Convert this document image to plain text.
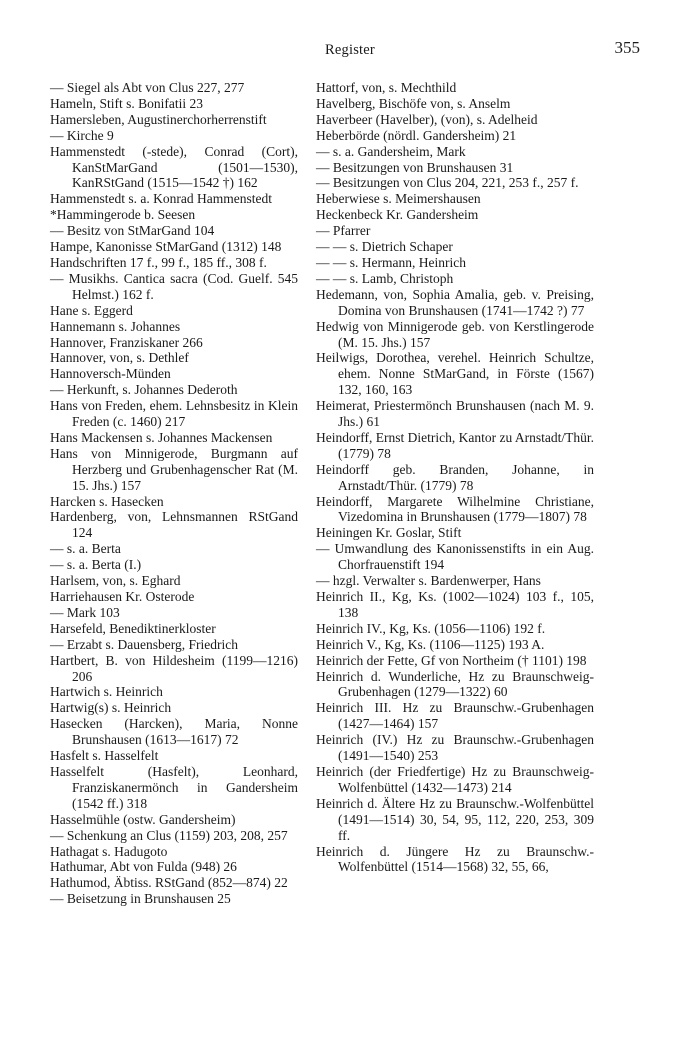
Register	355
— Siegel als Abt von Clus 227, 277
Hameln, Stift s. Bonifatii 23
Hamersleben, Augustinerchorherrenstift
— Kirche 9
Hammenstedt (-stede), Conrad (Cort), KanStMarGand (1501—1530), KanRStGand (1515—1542 †) 162
Hammenstedt s. a. Konrad Hammenstedt
*Hammingerode b. Seesen
— Besitz von StMarGand 104
Hampe, Kanonisse StMarGand (1312) 148
Handschriften 17 f., 99 f., 185 ff., 308 f.
— Musikhs. Cantica sacra (Cod. Guelf. 545 Helmst.) 162 f.
Hane s. Eggerd
Hannemann s. Johannes
Hannover, Franziskaner 266
Hannover, von, s. Dethlef
Hannoversch-Münden
— Herkunft, s. Johannes Dederoth
Hans von Freden, ehem. Lehnsbesitz in Klein Freden (c. 1460) 217
Hans Mackensen s. Johannes Mackensen
Hans von Minnigerode, Burgmann auf Herzberg und Grubenhagenscher Rat (M. 15. Jhs.) 157
Harcken s. Hasecken
Hardenberg, von, Lehnsmannen RStGand 124
— s. a. Berta
— s. a. Berta (I.)
Harlsem, von, s. Eghard
Harriehausen Kr. Osterode
— Mark 103
Harsefeld, Benediktinerkloster
— Erzabt s. Dauensberg, Friedrich
Hartbert, B. von Hildesheim (1199—1216) 206
Hartwich s. Heinrich
Hartwig(s) s. Heinrich
Hasecken (Harcken), Maria, Nonne Brunshausen (1613—1617) 72
Hasfelt s. Hasselfelt
Hasselfelt (Hasfelt), Leonhard, Franziskanermönch in Gandersheim (1542 ff.) 318
Hasselmühle (ostw. Gandersheim)
— Schenkung an Clus (1159) 203, 208, 257
Hathagat s. Hadugoto
Hathumar, Abt von Fulda (948) 26
Hathumod, Äbtiss. RStGand (852—874) 22
— Beisetzung in Brunshausen 25
Hattorf, von, s. Mechthild
Havelberg, Bischöfe von, s. Anselm
Haverbeer (Havelber), (von), s. Adelheid
Heberbörde (nördl. Gandersheim) 21
— s. a. Gandersheim, Mark
— Besitzungen von Brunshausen 31
— Besitzungen von Clus 204, 221, 253 f., 257 f.
Heberwiese s. Meimershausen
Heckenbeck Kr. Gandersheim
— Pfarrer
— — s. Dietrich Schaper
— — s. Hermann, Heinrich
— — s. Lamb, Christoph
Hedemann, von, Sophia Amalia, geb. v. Preising, Domina von Brunshausen (1741—1742 ?) 77
Hedwig von Minnigerode geb. von Kerstlingerode (M. 15. Jhs.) 157
Heilwigs, Dorothea, verehel. Heinrich Schultze, ehem. Nonne StMarGand, in Förste (1567) 132, 160, 163
Heimerat, Priestermönch Brunshausen (nach M. 9. Jhs.) 61
Heindorff, Ernst Dietrich, Kantor zu Arnstadt/Thür. (1779) 78
Heindorff geb. Branden, Johanne, in Arnstadt/Thür. (1779) 78
Heindorff, Margarete Wilhelmine Christiane, Vizedomina in Brunshausen (1779—1807) 78
Heiningen Kr. Goslar, Stift
— Umwandlung des Kanonissenstifts in ein Aug. Chorfrauenstift 194
— hzgl. Verwalter s. Bardenwerper, Hans
Heinrich II., Kg, Ks. (1002—1024) 103 f., 105, 138
Heinrich IV., Kg, Ks. (1056—1106) 192 f.
Heinrich V., Kg, Ks. (1106—1125) 193 A.
Heinrich der Fette, Gf von Northeim († 1101) 198
Heinrich d. Wunderliche, Hz zu Braunschweig-Grubenhagen (1279—1322) 60
Heinrich III. Hz zu Braunschw.-Grubenhagen (1427—1464) 157
Heinrich (IV.) Hz zu Braunschw.-Grubenhagen (1491—1540) 253
Heinrich (der Friedfertige) Hz zu Braunschweig-Wolfenbüttel (1432—1473) 214
Heinrich d. Ältere Hz zu Braunschw.-Wolfenbüttel (1491—1514) 30, 54, 95, 112, 220, 253, 309 ff.
Heinrich d. Jüngere Hz zu Braunschw.-Wolfenbüttel (1514—1568) 32, 55, 66,
